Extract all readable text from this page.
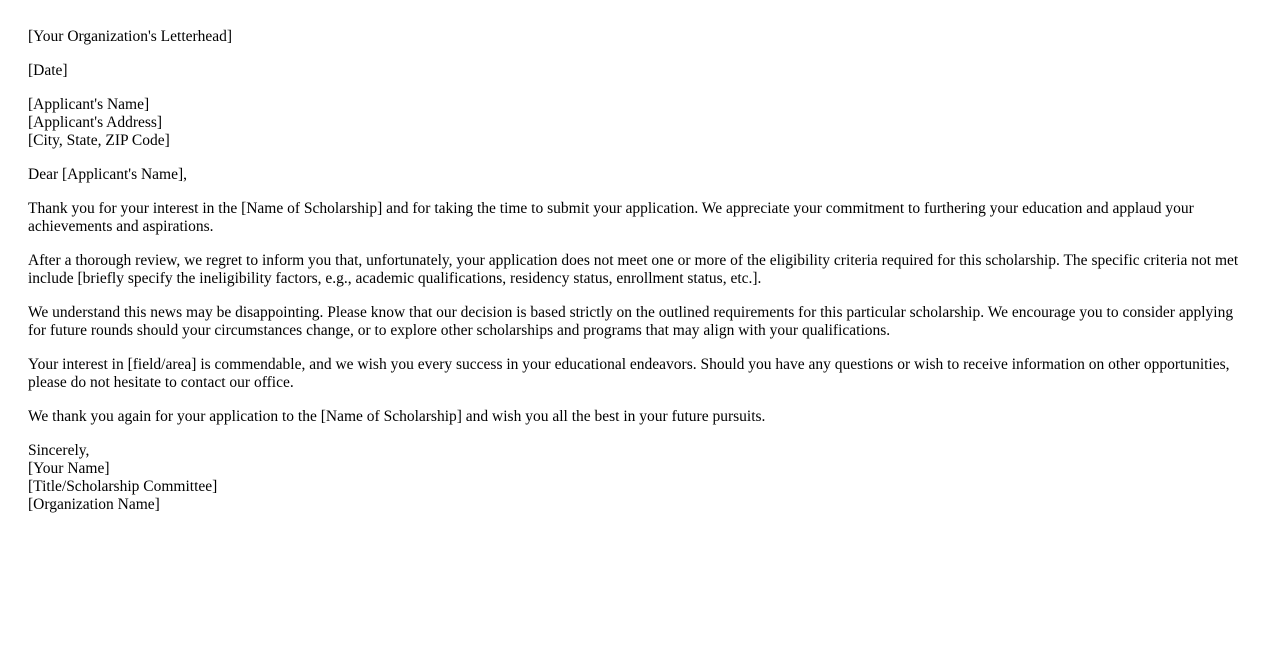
[Your Organization's Letterhead]

[Date]

[Applicant's Name]
[Applicant's Address]
[City, State, ZIP Code]

Dear [Applicant's Name],

Thank you for your interest in the [Name of Scholarship] and for taking the time to submit your application. We appreciate your commitment to furthering your education and applaud your achievements and aspirations.

After a thorough review, we regret to inform you that, unfortunately, your application does not meet one or more of the eligibility criteria required for this scholarship. The specific criteria not met include [briefly specify the ineligibility factors, e.g., academic qualifications, residency status, enrollment status, etc.].

We understand this news may be disappointing. Please know that our decision is based strictly on the outlined requirements for this particular scholarship. We encourage you to consider applying for future rounds should your circumstances change, or to explore other scholarships and programs that may align with your qualifications.

Your interest in [field/area] is commendable, and we wish you every success in your educational endeavors. Should you have any questions or wish to receive information on other opportunities, please do not hesitate to contact our office.

We thank you again for your application to the [Name of Scholarship] and wish you all the best in your future pursuits.

Sincerely,
[Your Name]
[Title/Scholarship Committee]
[Organization Name]
